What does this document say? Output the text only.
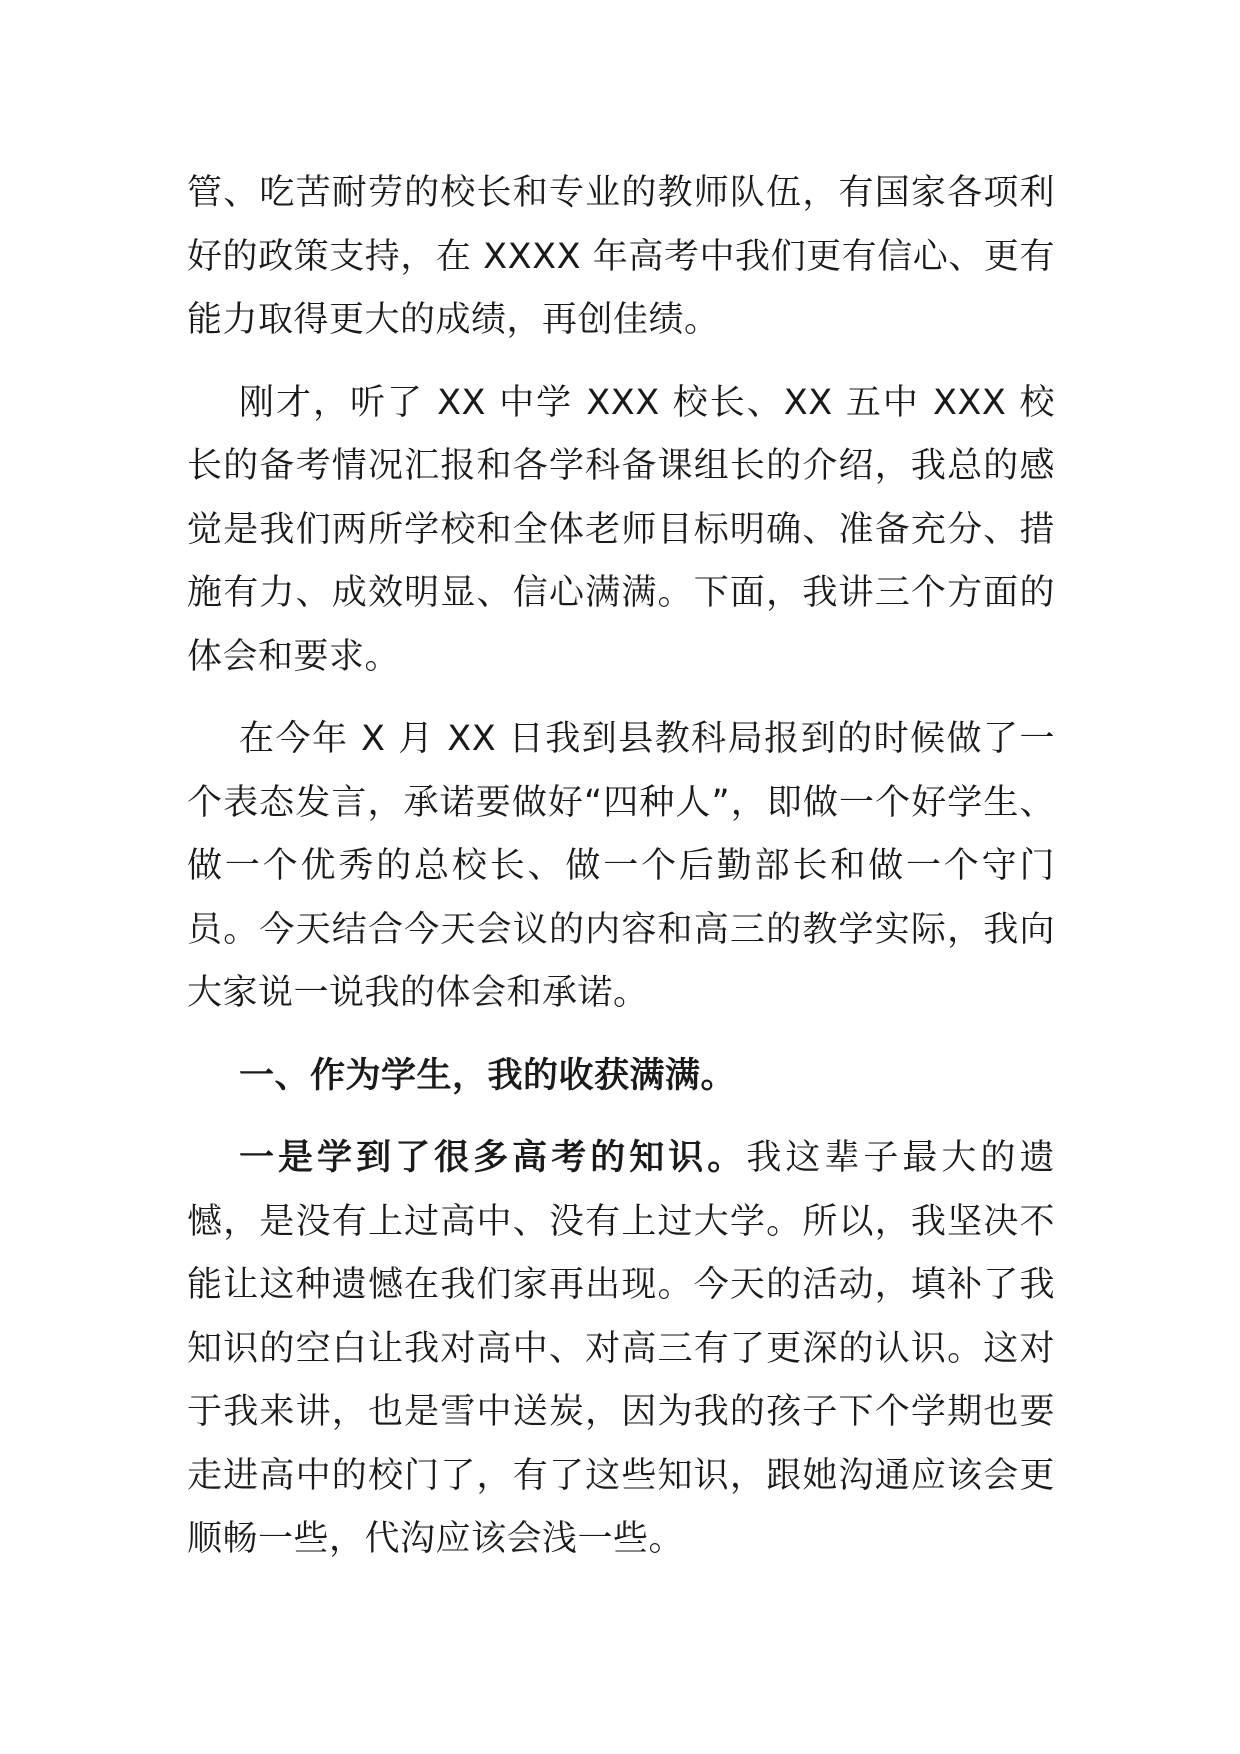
管、吃苦耐劳的校长和专业的教师队伍，有国家各项利好的政策支持，在 XXXX 年高考中我们更有信心、更有能力取得更大的成绩，再创佳绩。

刚才，听了 XX 中学 XXX 校长、XX 五中 XXX 校长的备考情况汇报和各学科备课组长的介绍，我总的感觉是我们两所学校和全体老师目标明确、准备充分、措施有力、成效明显、信心满满。下面，我讲三个方面的体会和要求。

在今年 X 月 XX 日我到县教科局报到的时候做了一个表态发言，承诺要做好“四种人”，即做一个好学生、做一个优秀的总校长、做一个后勤部长和做一个守门员。今天结合今天会议的内容和高三的教学实际，我向大家说一说我的体会和承诺。

一、作为学生，我的收获满满。

一是学到了很多高考的知识。我这辈子最大的遗憾，是没有上过高中、没有上过大学。所以，我坚决不能让这种遗憾在我们家再出现。今天的活动，填补了我知识的空白让我对高中、对高三有了更深的认识。这对于我来讲，也是雪中送炭，因为我的孩子下个学期也要走进高中的校门了，有了这些知识，跟她沟通应该会更顺畅一些，代沟应该会浅一些。
